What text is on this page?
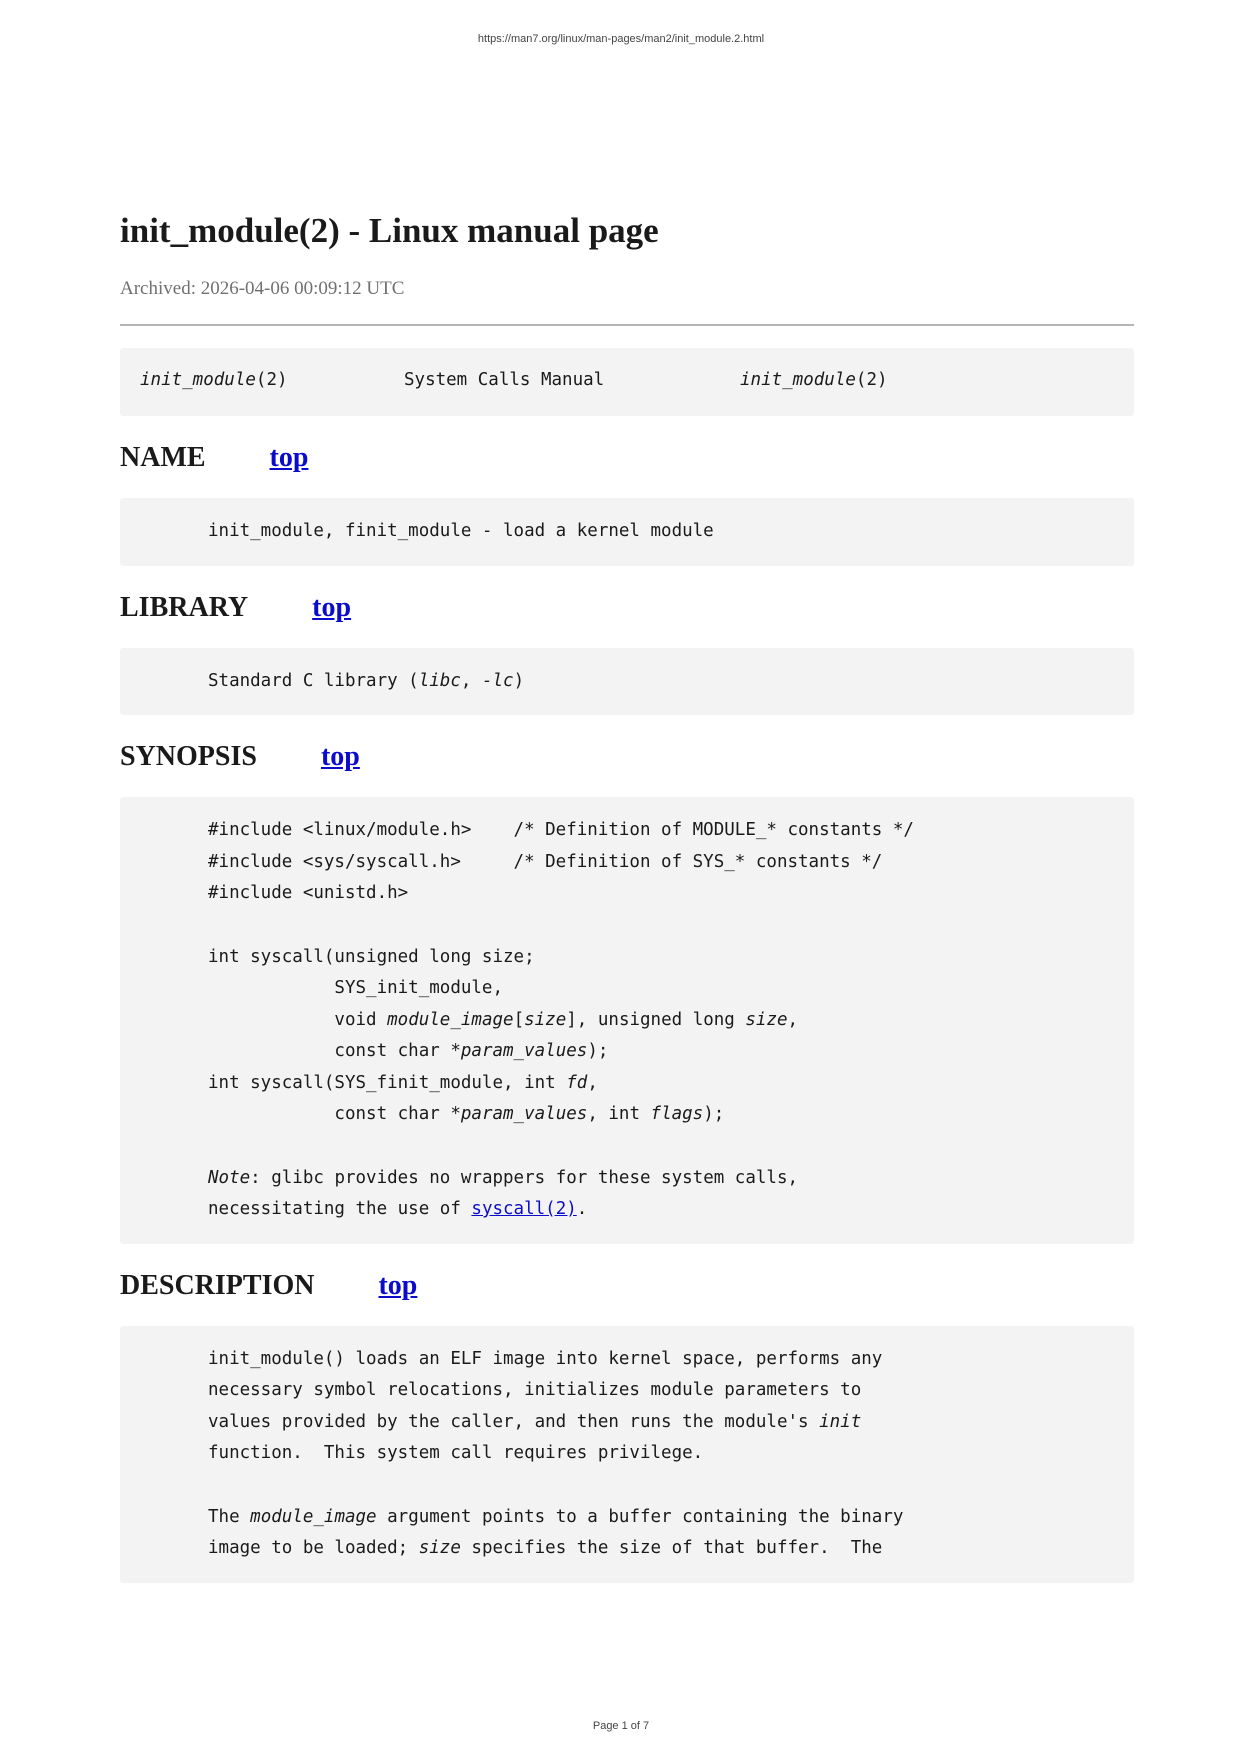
https://man7.org/linux/man-pages/man2/init_module.2.html
init_module(2) - Linux manual page
Archived: 2026-04-06 00:09:12 UTC
init_module(2)	System Calls Manual	init_module(2)
NAME top
init_module, finit_module - load a kernel module
LIBRARY top
Standard C library (libc, -lc)
SYNOPSIS top
#include <linux/module.h>    /* Definition of MODULE_* constants */
#include <sys/syscall.h>     /* Definition of SYS_* constants */
#include <unistd.h>
int syscall(unsigned long size;
SYS_init_module,
void module_image[size], unsigned long size,
const char *param_values);
int syscall(SYS_finit_module, int fd,
const char *param_values, int flags);
Note: glibc provides no wrappers for these system calls,
necessitating the use of syscall(2).
DESCRIPTION top
init_module() loads an ELF image into kernel space, performs any
necessary symbol relocations, initializes module parameters to
values provided by the caller, and then runs the module's init
function.  This system call requires privilege.
The module_image argument points to a buffer containing the binary
image to be loaded; size specifies the size of that buffer.  The
Page 1 of 7
